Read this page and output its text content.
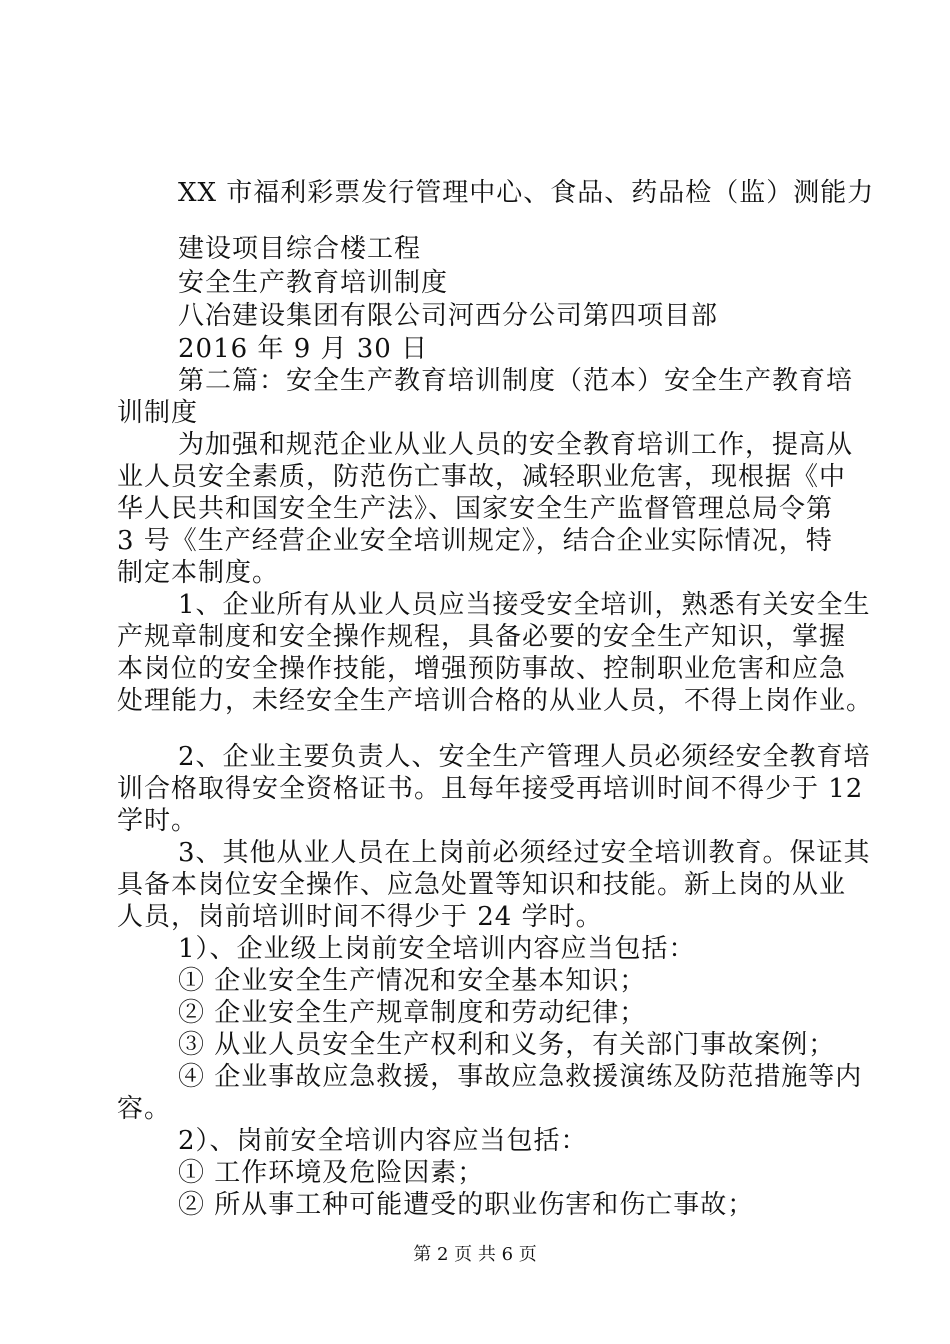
XX 市福利彩票发行管理中心、食品、药品检（监）测能力
建设项目综合楼工程
安全生产教育培训制度
八冶建设集团有限公司河西分公司第四项目部
2016 年 9 月 30 日
第二篇：安全生产教育培训制度（范本）安全生产教育培
训制度
为加强和规范企业从业人员的安全教育培训工作，提高从
业人员安全素质，防范伤亡事故，减轻职业危害，现根据《中
华人民共和国安全生产法》、国家安全生产监督管理总局令第
3 号《生产经营企业安全培训规定》，结合企业实际情况，特
制定本制度。
1、企业所有从业人员应当接受安全培训，熟悉有关安全生
产规章制度和安全操作规程，具备必要的安全生产知识，掌握
本岗位的安全操作技能，增强预防事故、控制职业危害和应急
处理能力，未经安全生产培训合格的从业人员，不得上岗作业。
2、企业主要负责人、安全生产管理人员必须经安全教育培
训合格取得安全资格证书。且每年接受再培训时间不得少于 12
学时。
3、其他从业人员在上岗前必须经过安全培训教育。保证其
具备本岗位安全操作、应急处置等知识和技能。新上岗的从业
人员，岗前培训时间不得少于 24 学时。
1）、企业级上岗前安全培训内容应当包括：
① 企业安全生产情况和安全基本知识；
② 企业安全生产规章制度和劳动纪律；
③ 从业人员安全生产权利和义务，有关部门事故案例；
④ 企业事故应急救援，事故应急救援演练及防范措施等内
容。
2）、岗前安全培训内容应当包括：
① 工作环境及危险因素；
② 所从事工种可能遭受的职业伤害和伤亡事故；
第 2 页 共 6 页
